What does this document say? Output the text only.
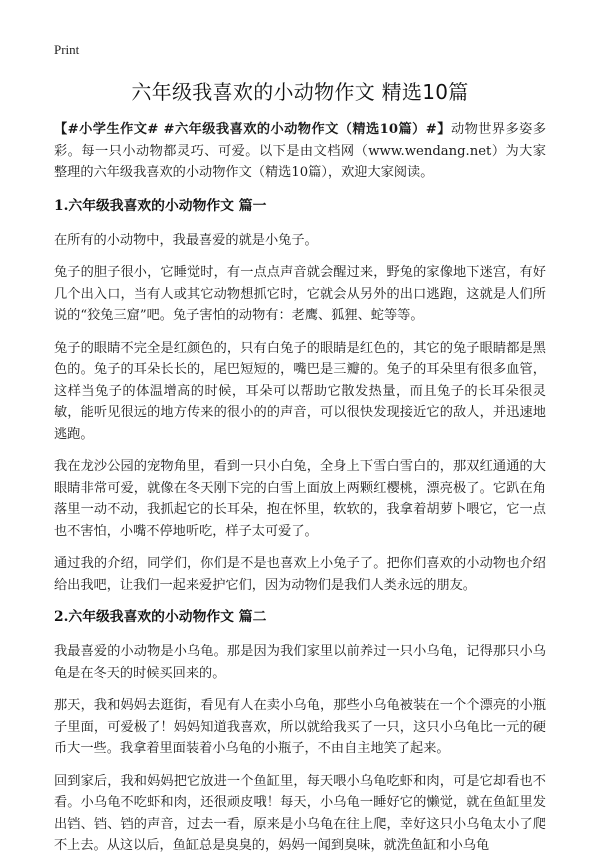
Print
六年级我喜欢的小动物作文 精选10篇

【#小学生作文# #六年级我喜欢的小动物作文（精选10篇）#】动物世界多姿多彩。每一只小动物都灵巧、可爱。以下是由文档网（www.wendang.net）为大家整理的六年级我喜欢的小动物作文（精选10篇），欢迎大家阅读。

1.六年级我喜欢的小动物作文 篇一

在所有的小动物中，我最喜爱的就是小兔子。

兔子的胆子很小，它睡觉时，有一点点声音就会醒过来，野兔的家像地下迷宫，有好几个出入口，当有人或其它动物想抓它时，它就会从另外的出口逃跑，这就是人们所说的“狡兔三窟”吧。兔子害怕的动物有：老鹰、狐狸、蛇等等。

兔子的眼睛不完全是红颜色的，只有白兔子的眼睛是红色的，其它的兔子眼睛都是黑色的。兔子的耳朵长长的，尾巴短短的，嘴巴是三瓣的。兔子的耳朵里有很多血管，这样当兔子的体温增高的时候，耳朵可以帮助它散发热量，而且兔子的长耳朵很灵敏，能听见很远的地方传来的很小的的声音，可以很快发现接近它的敌人，并迅速地逃跑。

我在龙沙公园的宠物角里，看到一只小白兔，全身上下雪白雪白的，那双红通通的大眼睛非常可爱，就像在冬天刚下完的白雪上面放上两颗红樱桃，漂亮极了。它趴在角落里一动不动，我抓起它的长耳朵，抱在怀里，软软的，我拿着胡萝卜喂它，它一点也不害怕，小嘴不停地听吃，样子太可爱了。

通过我的介绍，同学们，你们是不是也喜欢上小兔子了。把你们喜欢的小动物也介绍给出我吧，让我们一起来爱护它们，因为动物们是我们人类永远的朋友。

2.六年级我喜欢的小动物作文 篇二

我最喜爱的小动物是小乌龟。那是因为我们家里以前养过一只小乌龟，记得那只小乌龟是在冬天的时候买回来的。

那天，我和妈妈去逛街，看见有人在卖小乌龟，那些小乌龟被装在一个个漂亮的小瓶子里面，可爱极了！妈妈知道我喜欢，所以就给我买了一只，这只小乌龟比一元的硬币大一些。我拿着里面装着小乌龟的小瓶子，不由自主地笑了起来。

回到家后，我和妈妈把它放进一个鱼缸里，每天喂小乌龟吃虾和肉，可是它却看也不看。小乌龟不吃虾和肉，还很顽皮哦！每天，小乌龟一睡好它的懒觉，就在鱼缸里发出铛、铛、铛的声音，过去一看，原来是小乌龟在往上爬，幸好这只小乌龟太小了爬不上去。从这以后，鱼缸总是臭臭的，妈妈一闻到臭味，就洗鱼缸和小乌龟
